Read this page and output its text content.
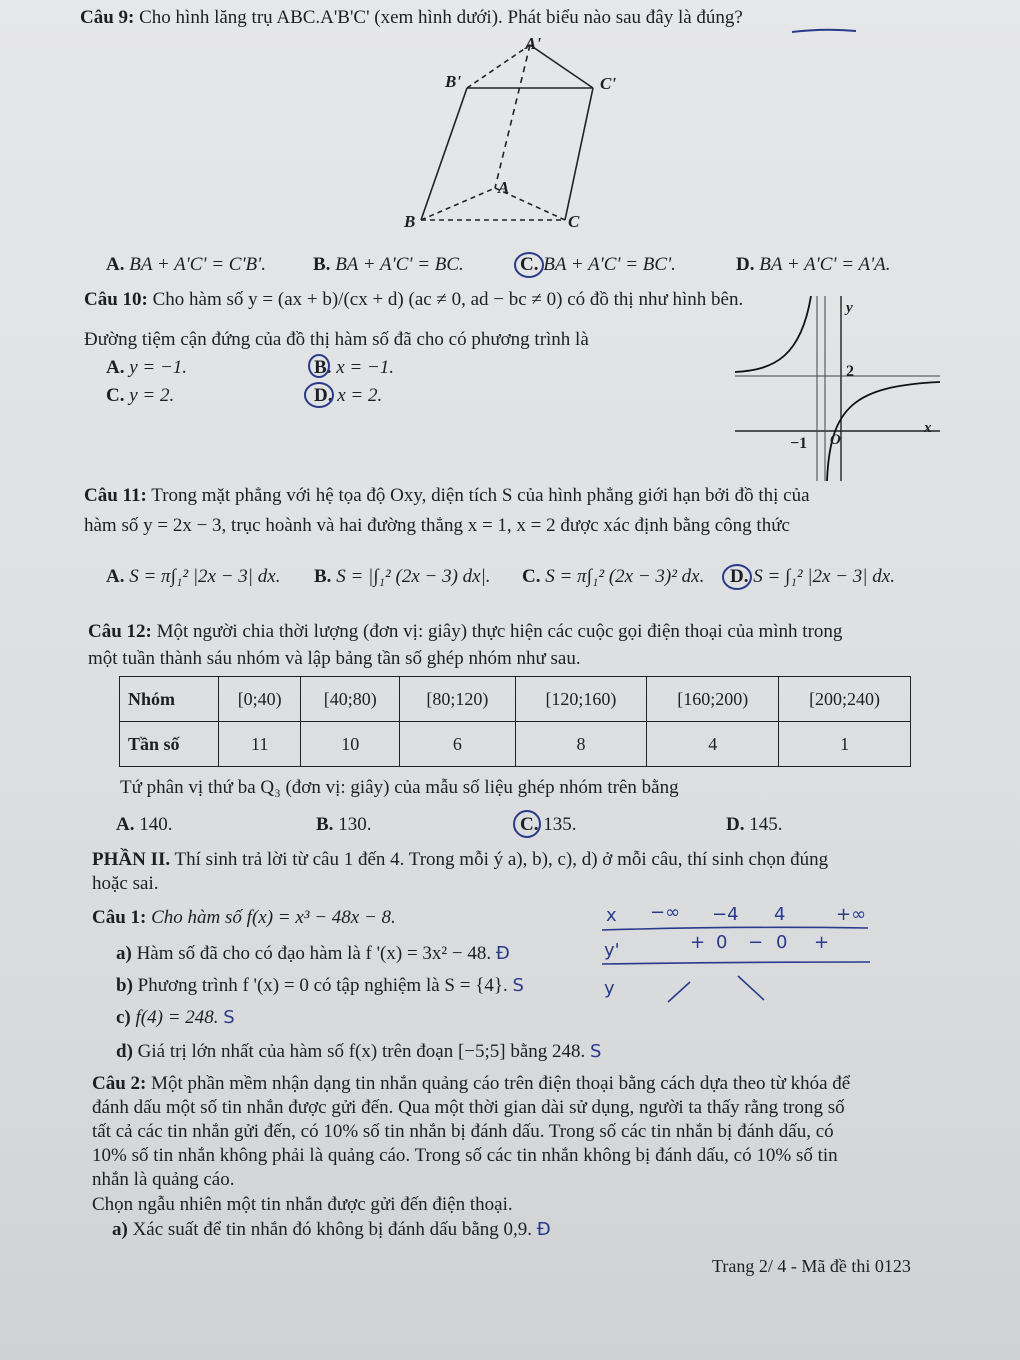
Câu 9: Cho hình lăng trụ ABC.A'B'C' (xem hình dưới). Phát biểu nào sau đây là đúng?
A'
B'	C'
A
B	C
A. BA + A'C' = C'B'. B. BA + A'C' = BC.	C. BA + A'C' = BC'.	D. BA + A'C' = A'A.
Câu 10: Cho hàm số y = (ax + b)/(cx + d) (ac ≠ 0, ad − bc ≠ 0) có đồ thị như hình bên.
Đường tiệm cận đứng của đồ thị hàm số đã cho có phương trình là
A. y = −1.	B. x = −1.
C. y = 2.	D. x = 2.
y
2
x
−1 O
Câu 11: Trong mặt phẳng với hệ tọa độ Oxy, diện tích S của hình phẳng giới hạn bởi đồ thị của
hàm số y = 2x − 3, trục hoành và hai đường thẳng x = 1, x = 2 được xác định bằng công thức
A. S = π∫₁² |2x − 3| dx. B. S = |∫₁² (2x − 3) dx|. C. S = π∫₁² (2x − 3)² dx. D. S = ∫₁² |2x − 3| dx.
Câu 12: Một người chia thời lượng (đơn vị: giây) thực hiện các cuộc gọi điện thoại của mình trong
một tuần thành sáu nhóm và lập bảng tần số ghép nhóm như sau.
Nhóm	[0;40)	[40;80)	[80;120)	[120;160)	[160;200)	[200;240)
Tần số	11	10	6	8	4	1
Tứ phân vị thứ ba Q₃ (đơn vị: giây) của mẫu số liệu ghép nhóm trên bằng
A. 140.	B. 130.	C. 135.	D. 145.
PHẦN II. Thí sinh trả lời từ câu 1 đến 4. Trong mỗi ý a), b), c), d) ở mỗi câu, thí sinh chọn đúng
hoặc sai.
Câu 1: Cho hàm số f(x) = x³ − 48x − 8.
a) Hàm số đã cho có đạo hàm là f '(x) = 3x² − 48. Đ
b) Phương trình f '(x) = 0 có tập nghiệm là S = {4}. S
c) f(4) = 248. S
d) Giá trị lớn nhất của hàm số f(x) trên đoạn [−5;5] bằng 248. S
x −∞ −4 4	+∞
y'	+ 0 − 0 +
y
Câu 2: Một phần mềm nhận dạng tin nhắn quảng cáo trên điện thoại bằng cách dựa theo từ khóa để
đánh dấu một số tin nhắn được gửi đến. Qua một thời gian dài sử dụng, người ta thấy rằng trong số
tất cả các tin nhắn gửi đến, có 10% số tin nhắn bị đánh dấu. Trong số các tin nhắn bị đánh dấu, có
10% số tin nhắn không phải là quảng cáo. Trong số các tin nhắn không bị đánh dấu, có 10% số tin
nhắn là quảng cáo.
Chọn ngẫu nhiên một tin nhắn được gửi đến điện thoại.
a) Xác suất để tin nhắn đó không bị đánh dấu bằng 0,9. Đ
Trang 2/ 4 - Mã đề thi 0123
